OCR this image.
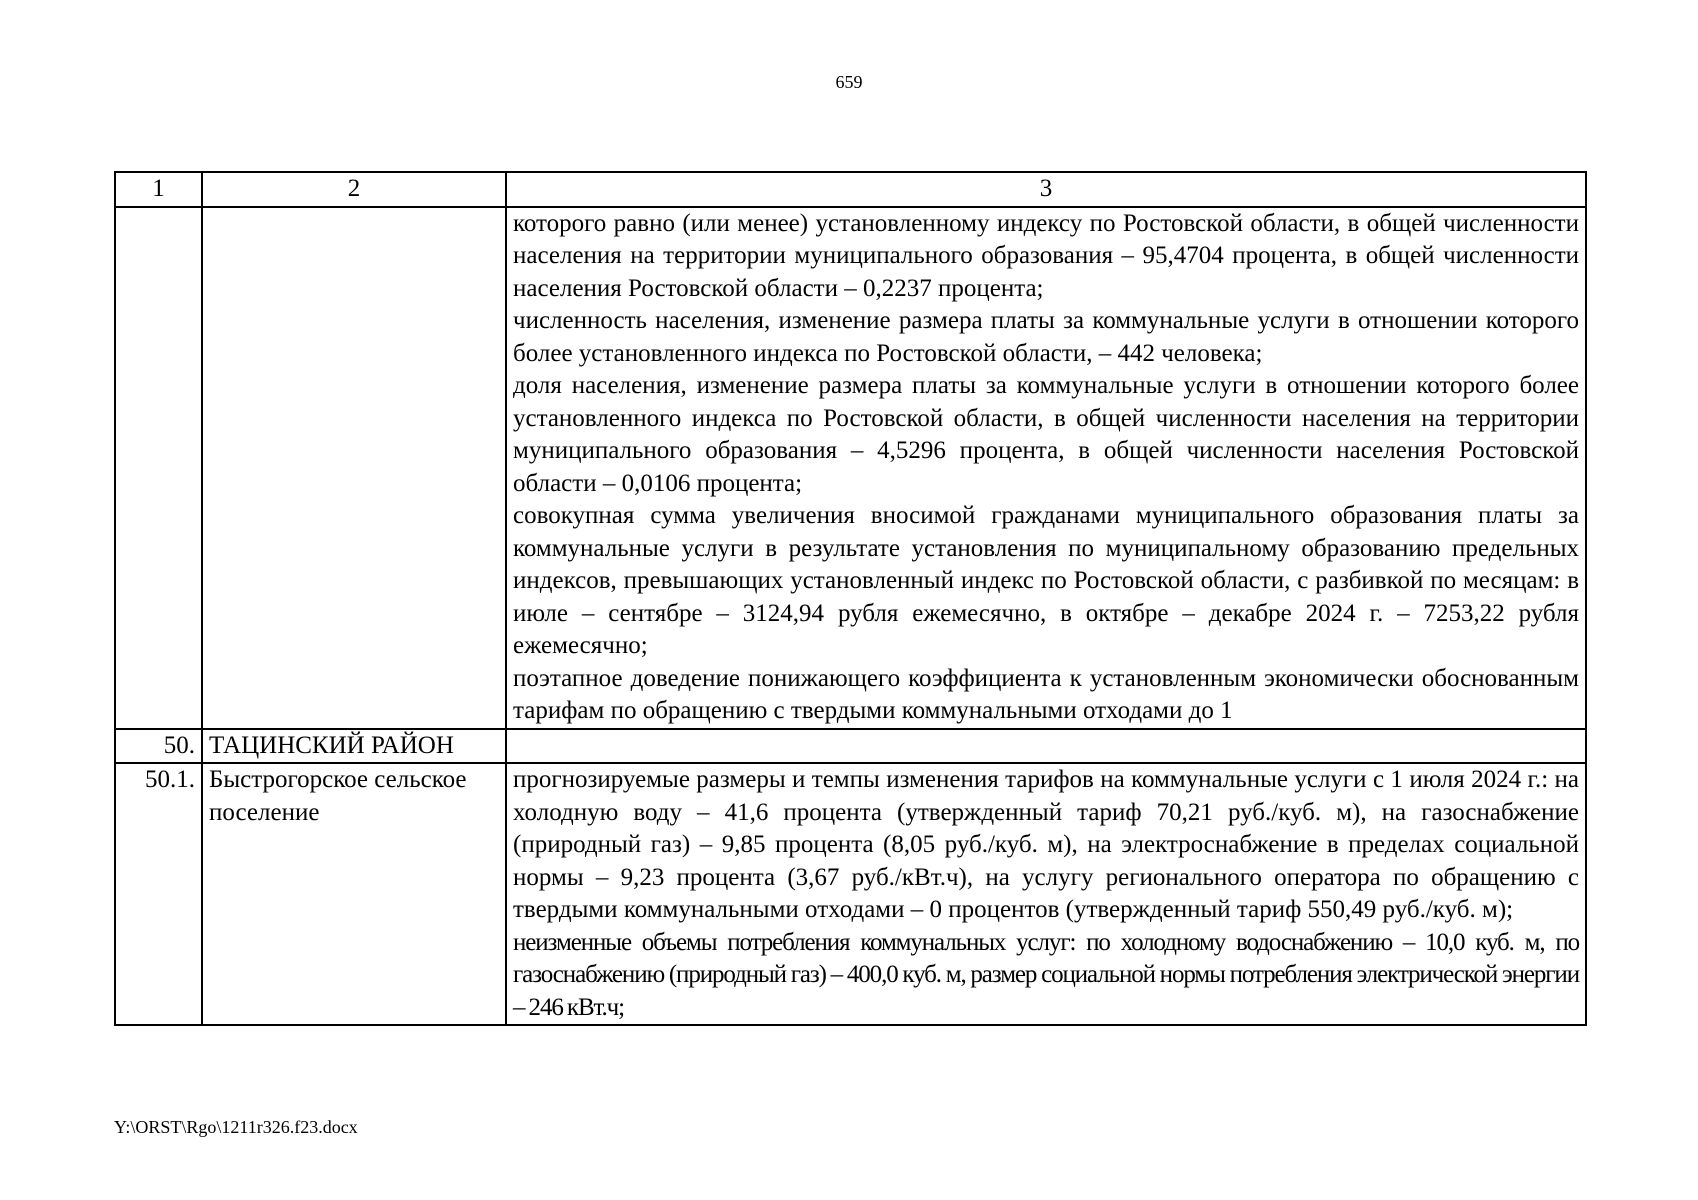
659
1	2	3

		которого равно (или менее) установленному индексу по Ростовской области, в общей численности населения на территории муниципального образования – 95,4704 процента, в общей численности населения Ростовской области – 0,2237 процента;

численность населения, изменение размера платы за коммунальные услуги в отношении которого более установленного индекса по Ростовской области, – 442 человека;

доля населения, изменение размера платы за коммунальные услуги в отношении которого более установленного индекса по Ростовской области, в общей численности населения на территории муниципального образования – 4,5296 процента, в общей численности населения Ростовской области – 0,0106 процента;

совокупная сумма увеличения вносимой гражданами муниципального образования платы за коммунальные услуги в результате установления по муниципальному образованию предельных индексов, превышающих установленный индекс по Ростовской области, с разбивкой по месяцам: в июле – сентябре – 3124,94 рубля ежемесячно, в октябре – декабре 2024 г. – 7253,22 рубля ежемесячно;

поэтапное доведение понижающего коэффициента к установленным экономически обоснованным тарифам по обращению с твердыми коммунальными отходами до 1

50.	ТАЦИНСКИЙ РАЙОН	
50.1.	Быстрогорское сельское поселение	прогнозируемые размеры и темпы изменения тарифов на коммунальные услуги с 1 июля 2024 г.: на холодную воду – 41,6 процента (утвержденный тариф 70,21 руб./куб. м), на газоснабжение (природный газ) – 9,85 процента (8,05 руб./куб. м), на электроснабжение в пределах социальной нормы – 9,23 процента (3,67 руб./кВт.ч), на услугу регионального оператора по обращению с твердыми коммунальными отходами – 0 процентов (утвержденный тариф 550,49 руб./куб. м);

неизменные объемы потребления коммунальных услуг: по холодному водоснабжению – 10,0 куб. м, по газоснабжению (природный газ) – 400,0 куб. м, размер социальной нормы потребления электрической энергии – 246 кВт.ч;

Y:\ORST\Rgo\1211r326.f23.docx
